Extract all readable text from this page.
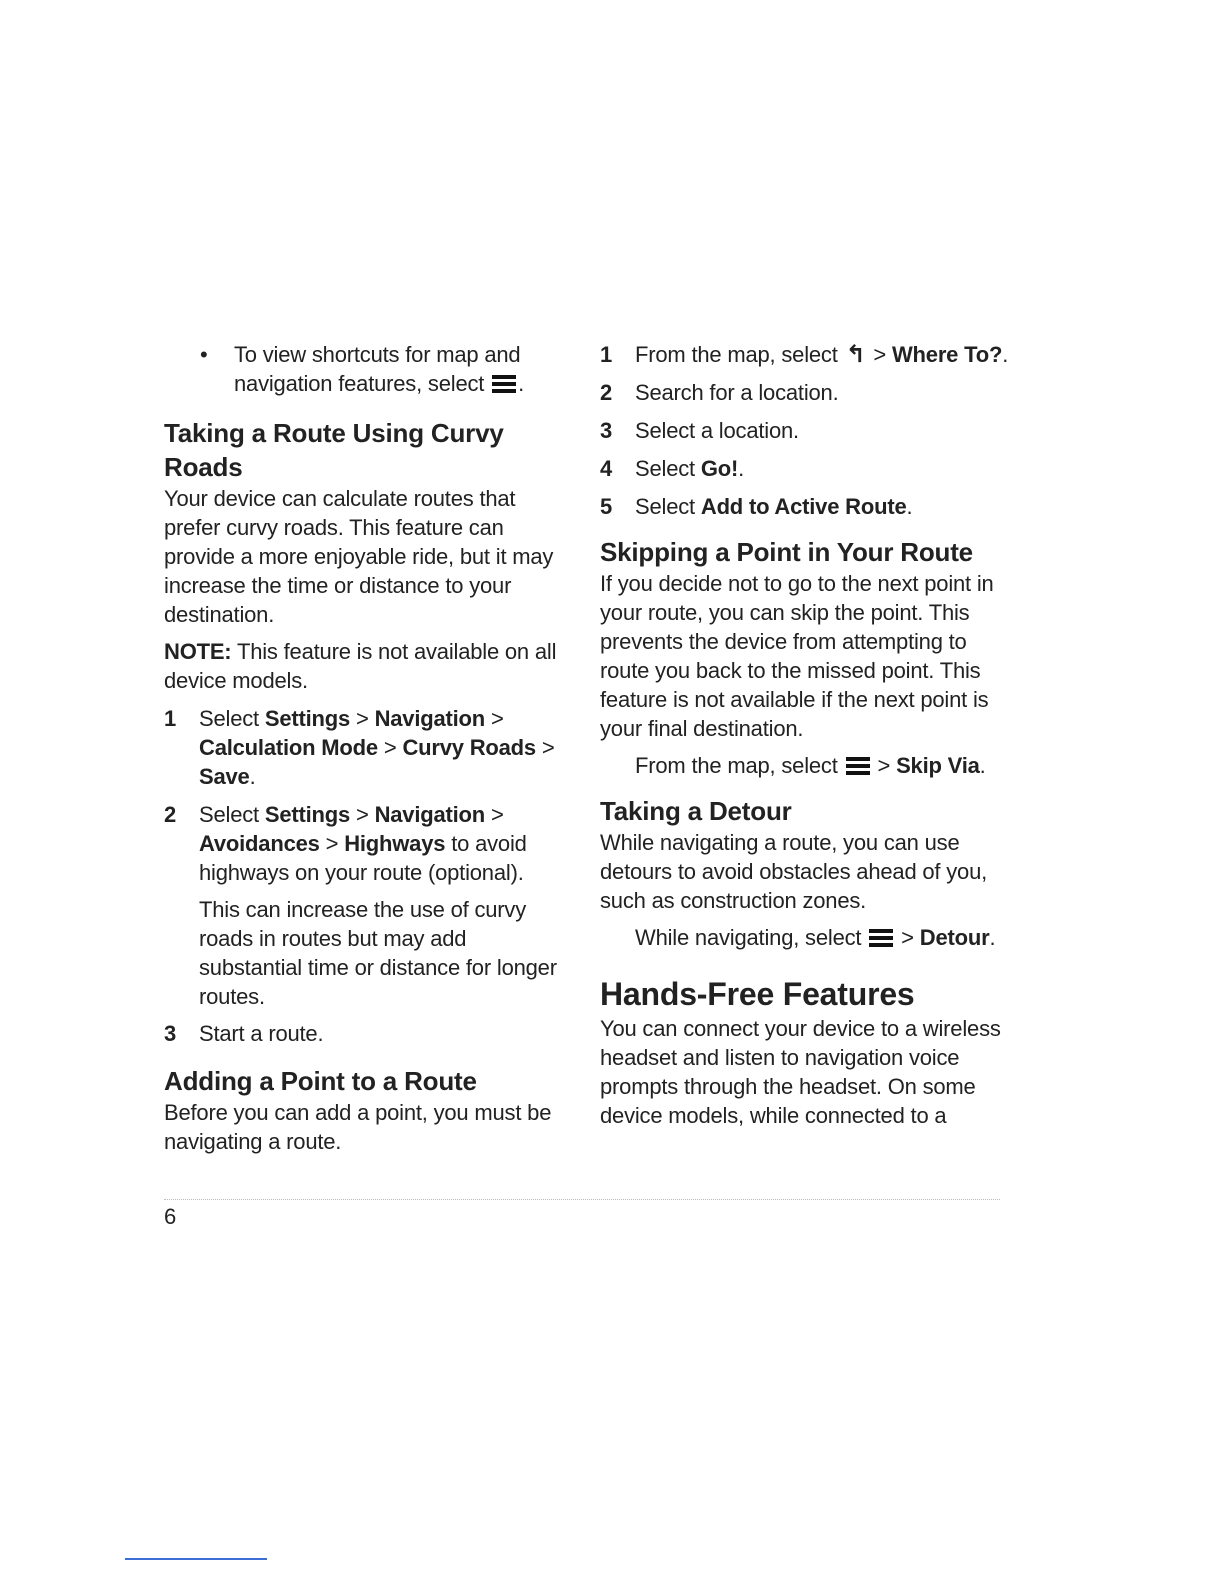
• To view shortcuts for map and navigation features, select .

Taking a Route Using Curvy Roads

Your device can calculate routes that prefer curvy roads. This feature can provide a more enjoyable ride, but it may increase the time or distance to your destination.

NOTE: This feature is not available on all device models.

1 Select Settings > Navigation > Calculation Mode > Curvy Roads > Save.

2 Select Settings > Navigation > Avoidances > Highways to avoid highways on your route (optional).

This can increase the use of curvy roads in routes but may add substantial time or distance for longer routes.

3 Start a route.

Adding a Point to a Route

Before you can add a point, you must be navigating a route.

1 From the map, select ↰ > Where To?.

2 Search for a location.

3 Select a location.

4 Select Go!.

5 Select Add to Active Route.

Skipping a Point in Your Route

If you decide not to go to the next point in your route, you can skip the point. This prevents the device from attempting to route you back to the missed point. This feature is not available if the next point is your final destination.

From the map, select > Skip Via.

Taking a Detour

While navigating a route, you can use detours to avoid obstacles ahead of you, such as construction zones.

While navigating, select > Detour.

Hands-Free Features

You can connect your device to a wireless headset and listen to navigation voice prompts through the headset. On some device models, while connected to a

6
